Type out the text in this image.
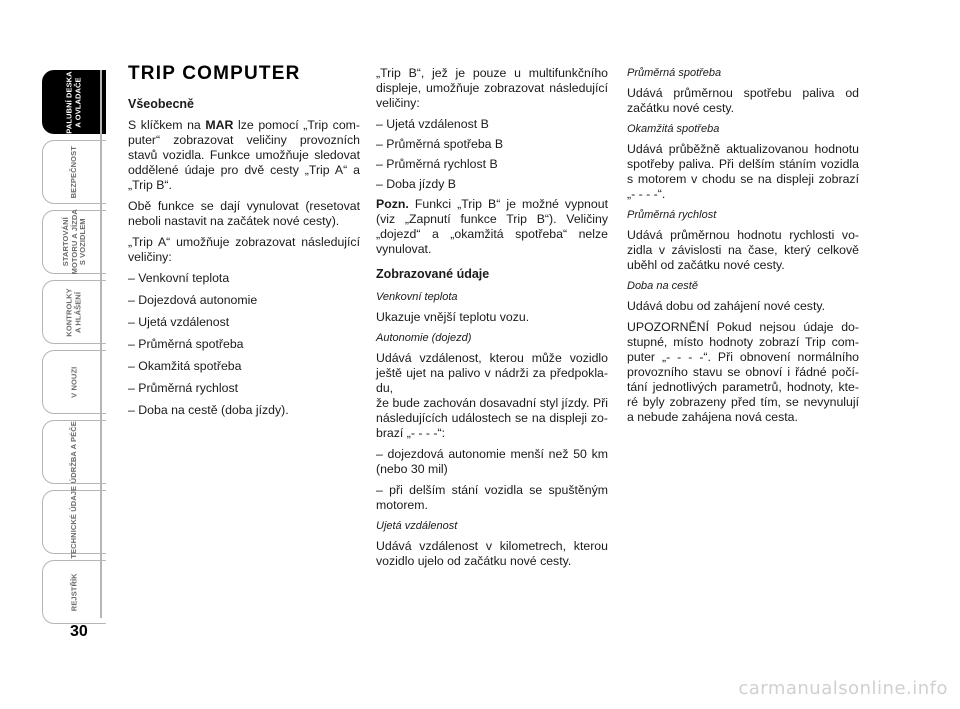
PALUBNÍ DESKA
A OVLADAČE
BEZPEČNOST
STARTOVÁNÍ
MOTORU A JÍZDA
S VOZIDLEM
KONTROLKY
A HLÁŠENÍ
V NOUZI
ÚDRŽBA A PÉČE
TECHNICKÉ ÚDAJE
REJSTŘÍK
30
TRIP COMPUTER
Všeobecně

S klíčkem na MAR lze pomocí „Trip com-puter“ zobrazovat veličiny provozních stavů vozidla. Funkce umožňuje sledovat oddělené údaje pro dvě cesty „Trip A“ a „Trip B“.

Obě funkce se dají vynulovat (resetovat neboli nastavit na začátek nové cesty).

„Trip A“ umožňuje zobrazovat následující veličiny:

– Venkovní teplota
– Dojezdová autonomie
– Ujetá vzdálenost
– Průměrná spotřeba
– Okamžitá spotřeba
– Průměrná rychlost
– Doba na cestě (doba jízdy).

„Trip B“, jež je pouze u multifunkčního displeje, umožňuje zobrazovat následující veličiny:

– Ujetá vzdálenost B
– Průměrná spotřeba B
– Průměrná rychlost B
– Doba jízdy B

Pozn. Funkci „Trip B“ je možné vypnout (viz „Zapnutí funkce Trip B“). Veličiny „dojezd“ a „okamžitá spotřeba“ nelze vynulovat.

Zobrazované údaje
Venkovní teplota

Ukazuje vnější teplotu vozu.

Autonomie (dojezd)

Udává vzdálenost, kterou může vozidlo ještě ujet na palivo v nádrži za předpokla-du,

že bude zachován dosavadní styl jízdy. Při následujících událostech se na displeji zo-brazí „- - - -“:

– dojezdová autonomie menší než 50 km (nebo 30 mil)

– při delším stání vozidla se spuštěným motorem.

Ujetá vzdálenost

Udává vzdálenost v kilometrech, kterou vozidlo ujelo od začátku nové cesty.

Průměrná spotřeba

Udává průměrnou spotřebu paliva od začátku nové cesty.

Okamžitá spotřeba

Udává průběžně aktualizovanou hodnotu spotřeby paliva. Při delším stáním vozidla s motorem v chodu se na displeji zobrazí „- - - -“.

Průměrná rychlost

Udává průměrnou hodnotu rychlosti vo-zidla v závislosti na čase, který celkově uběhl od začátku nové cesty.

Doba na cestě

Udává dobu od zahájení nové cesty.

UPOZORNĚNÍ Pokud nejsou údaje do-stupné, místo hodnoty zobrazí Trip com-puter „- - - -“. Při obnovení normálního provozního stavu se obnoví i řádné počí-tání jednotlivých parametrů, hodnoty, kte-ré byly zobrazeny před tím, se nevynulují a nebude zahájena nová cesta.

carmanualsonline.info
